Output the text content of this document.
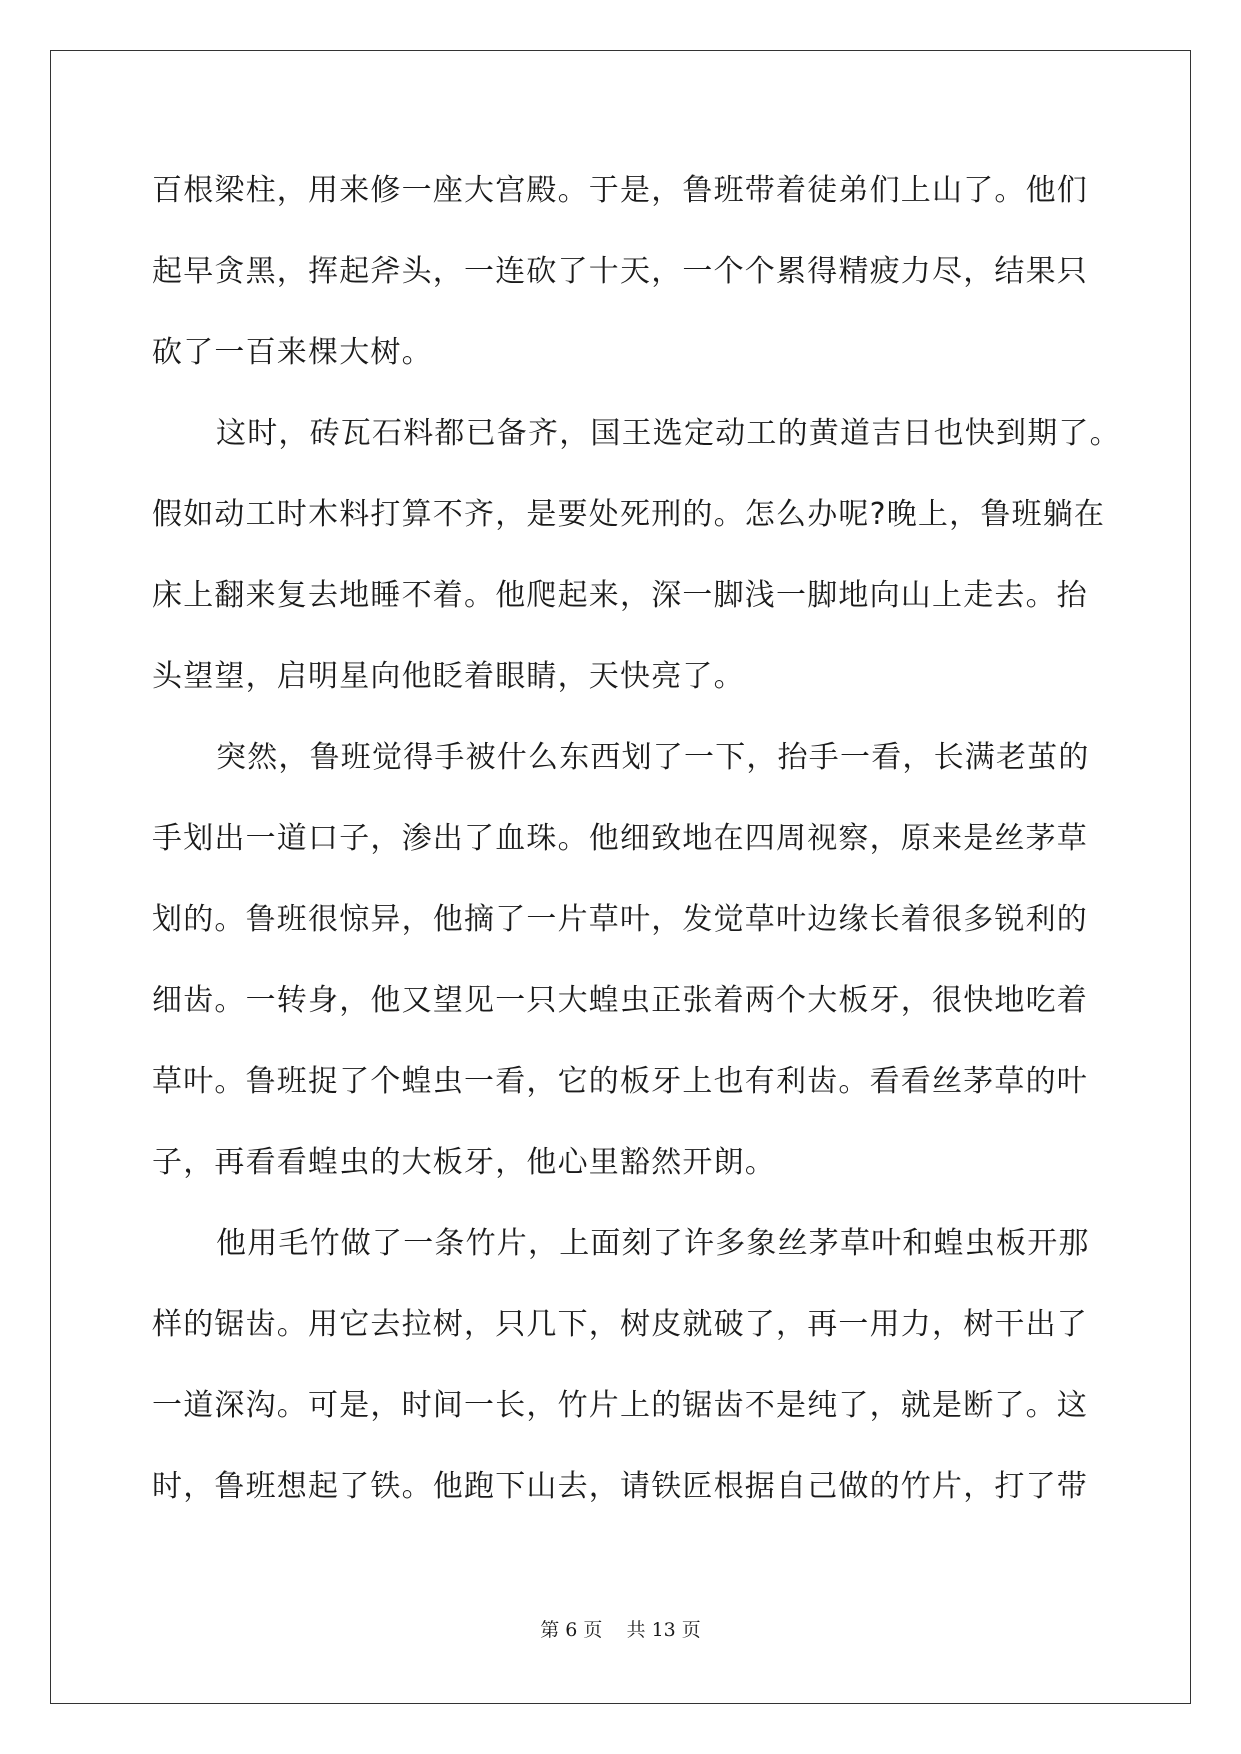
百根梁柱，用来修一座大宫殿。于是，鲁班带着徒弟们上山了。他们
起早贪黑，挥起斧头，一连砍了十天，一个个累得精疲力尽，结果只
砍了一百来棵大树。
这时，砖瓦石料都已备齐，国王选定动工的黄道吉日也快到期了。
假如动工时木料打算不齐，是要处死刑的。怎么办呢?晚上，鲁班躺在
床上翻来复去地睡不着。他爬起来，深一脚浅一脚地向山上走去。抬
头望望，启明星向他眨着眼睛，天快亮了。
突然，鲁班觉得手被什么东西划了一下，抬手一看，长满老茧的
手划出一道口子，渗出了血珠。他细致地在四周视察，原来是丝茅草
划的。鲁班很惊异，他摘了一片草叶，发觉草叶边缘长着很多锐利的
细齿。一转身，他又望见一只大蝗虫正张着两个大板牙，很快地吃着
草叶。鲁班捉了个蝗虫一看，它的板牙上也有利齿。看看丝茅草的叶
子，再看看蝗虫的大板牙，他心里豁然开朗。
他用毛竹做了一条竹片，上面刻了许多象丝茅草叶和蝗虫板开那
样的锯齿。用它去拉树，只几下，树皮就破了，再一用力，树干出了
一道深沟。可是，时间一长，竹片上的锯齿不是纯了，就是断了。这
时，鲁班想起了铁。他跑下山去，请铁匠根据自己做的竹片，打了带
第 6 页    共 13 页
